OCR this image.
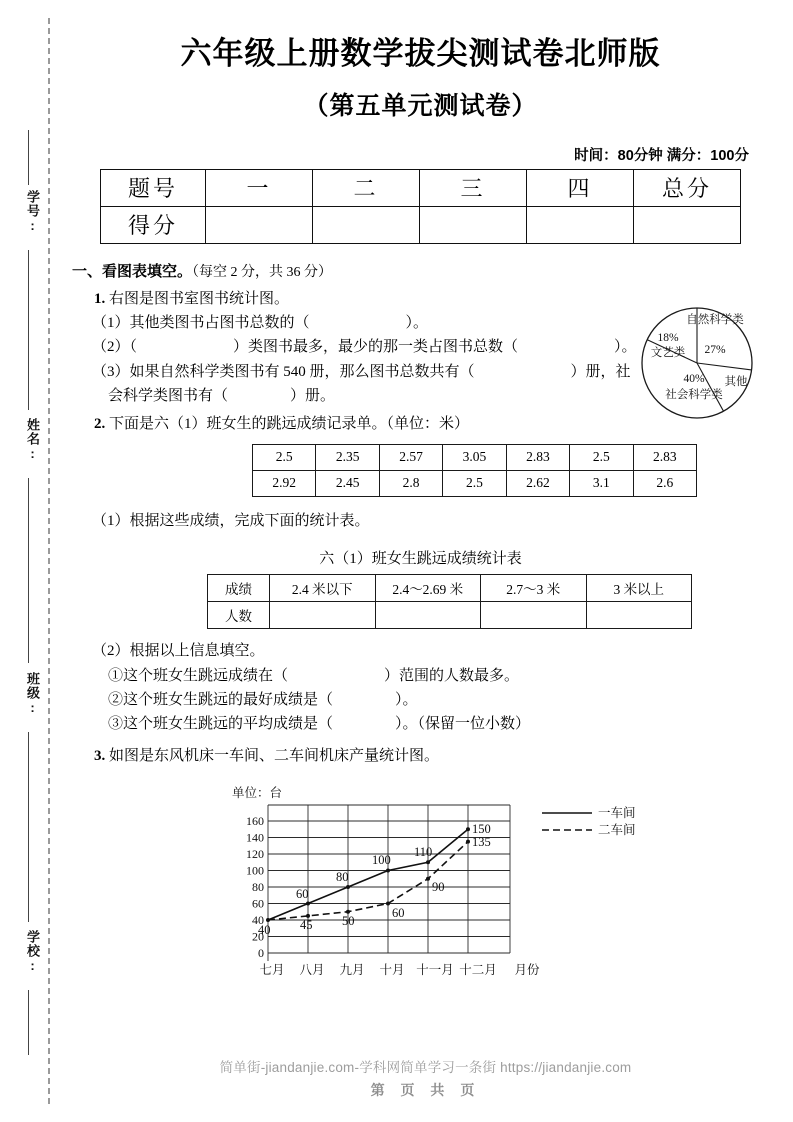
学号:
姓名:
班级:
学校:
六年级上册数学拔尖测试卷北师版
（第五单元测试卷）
时间：80分钟 满分：100分
题号	一	二	三	四	总分
得分					
一、看图表填空。（每空 2 分，共 36 分）
1. 右图是图书室图书统计图。
（1）其他类图书占图书总数的（	）。
（2）（	）类图书最多，最少的那一类占图书总数（	）。
（3）如果自然科学类图书有 540 册，那么图书总数共有（	）册，社
会科学类图书有（	）册。
自然科学类
27%
18%
文艺类
40%
社会科学类
其他
2. 下面是六（1）班女生的跳远成绩记录单。（单位：米）
2.5	2.35	2.57	3.05	2.83	2.5	2.83
2.92	2.45	2.8	2.5	2.62	3.1	2.6
（1）根据这些成绩，完成下面的统计表。
六（1）班女生跳远成绩统计表
成绩	2.4 米以下	2.4～2.69 米	2.7～3 米	3 米以上
人数				
（2）根据以上信息填空。
①这个班女生跳远成绩在（	）范围的人数最多。
②这个班女生跳远的最好成绩是（	）。
③这个班女生跳远的平均成绩是（	）。（保留一位小数）
3. 如图是东风机床一车间、二车间机床产量统计图。
单位：台
0
20
40
60
80
100
120
140
160
40
60
80
100
110
150
45 50
60
90
135
七月 八月 九月 十月 十一月 十二月 月份
一车间
二车间
简单街-jiandanjie.com-学科网简单学习一条街 https://jiandanjie.com
第 页 共 页
